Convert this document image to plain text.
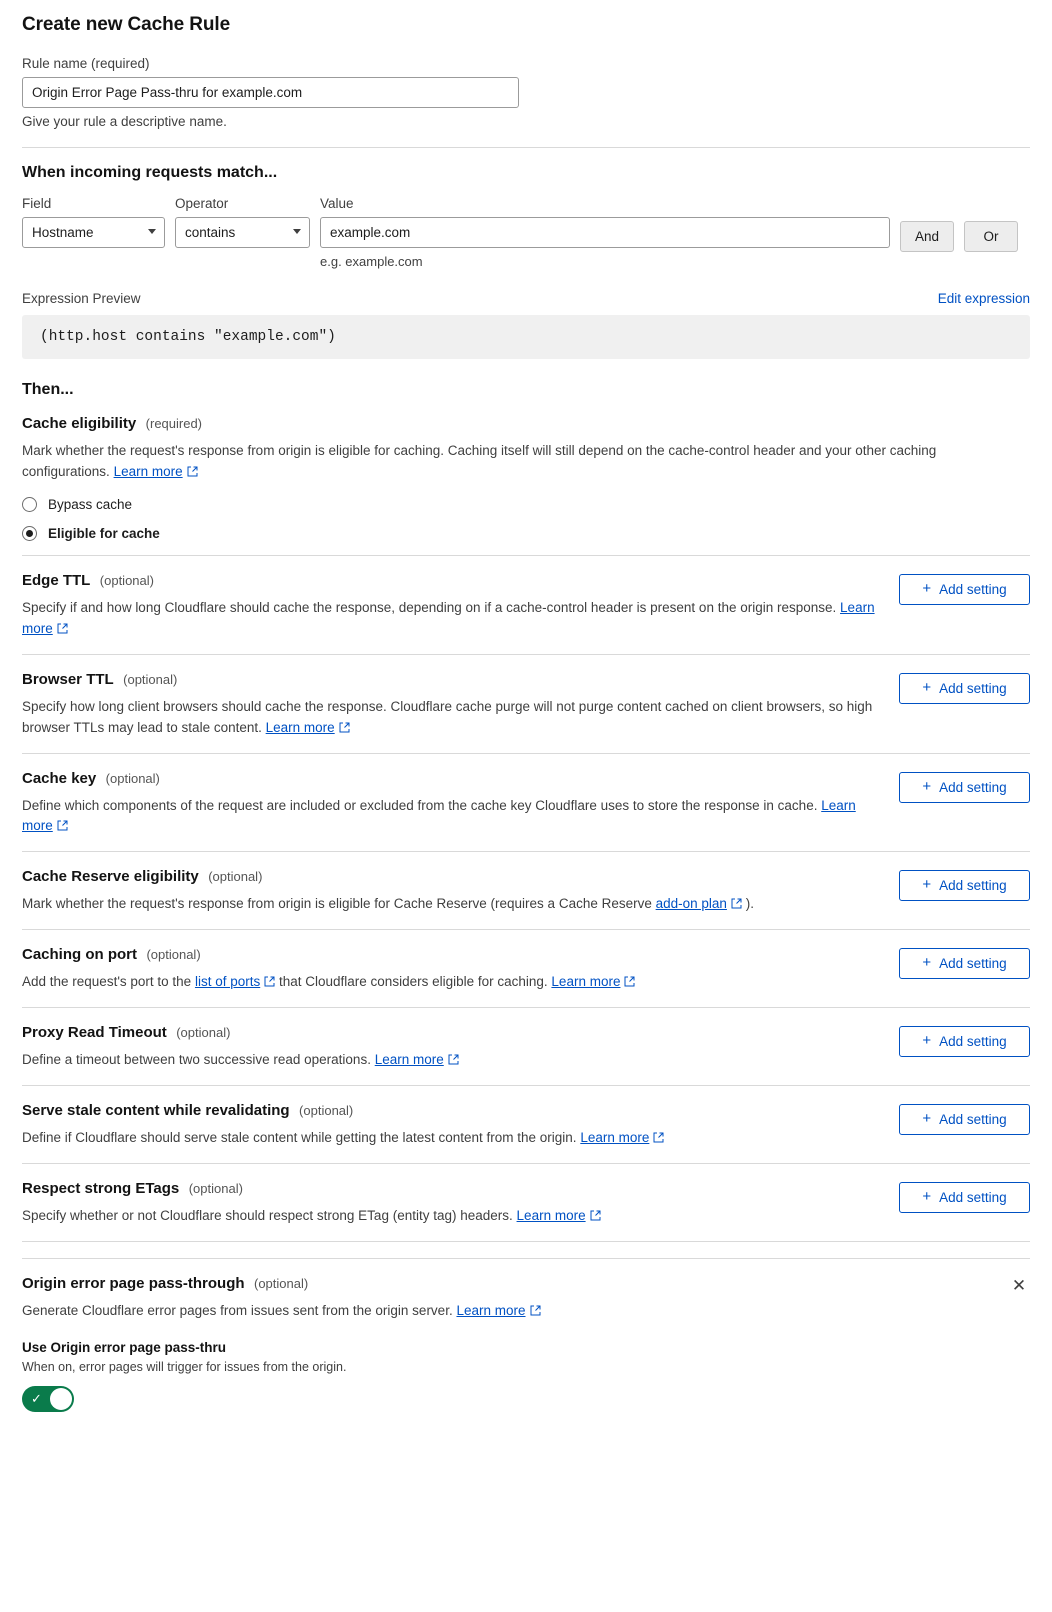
Create new Cache Rule
Rule name (required)
Origin Error Page Pass-thru for example.com
Give your rule a descriptive name.
When incoming requests match...
Field
Hostname
Operator
contains
Value
example.com
e.g. example.com
And	Or
Expression Preview	Edit expression
(http.host contains "example.com")
Then...
Cache eligibility (required)
Mark whether the request's response from origin is eligible for caching. Caching itself will still depend on the cache-control header and your other caching configurations. Learn more
Bypass cache
Eligible for cache
Edge TTL (optional)
Specify if and how long Cloudflare should cache the response, depending on if a cache-control header is present on the origin response. Learn more
+ Add setting
Browser TTL (optional)
Specify how long client browsers should cache the response. Cloudflare cache purge will not purge content cached on client browsers, so high browser TTLs may lead to stale content. Learn more
+ Add setting
Cache key (optional)
Define which components of the request are included or excluded from the cache key Cloudflare uses to store the response in cache. Learn more
+ Add setting
Cache Reserve eligibility (optional)
Mark whether the request's response from origin is eligible for Cache Reserve (requires a Cache Reserve add-on plan ).
+ Add setting
Caching on port (optional)
Add the request's port to the list of ports that Cloudflare considers eligible for caching. Learn more
+ Add setting
Proxy Read Timeout (optional)
Define a timeout between two successive read operations. Learn more
+ Add setting
Serve stale content while revalidating (optional)
Define if Cloudflare should serve stale content while getting the latest content from the origin. Learn more
+ Add setting
Respect strong ETags (optional)
Specify whether or not Cloudflare should respect strong ETag (entity tag) headers. Learn more
+ Add setting
✕
Origin error page pass-through (optional)
Generate Cloudflare error pages from issues sent from the origin server. Learn more
Use Origin error page pass-thru
When on, error pages will trigger for issues from the origin.
✓
